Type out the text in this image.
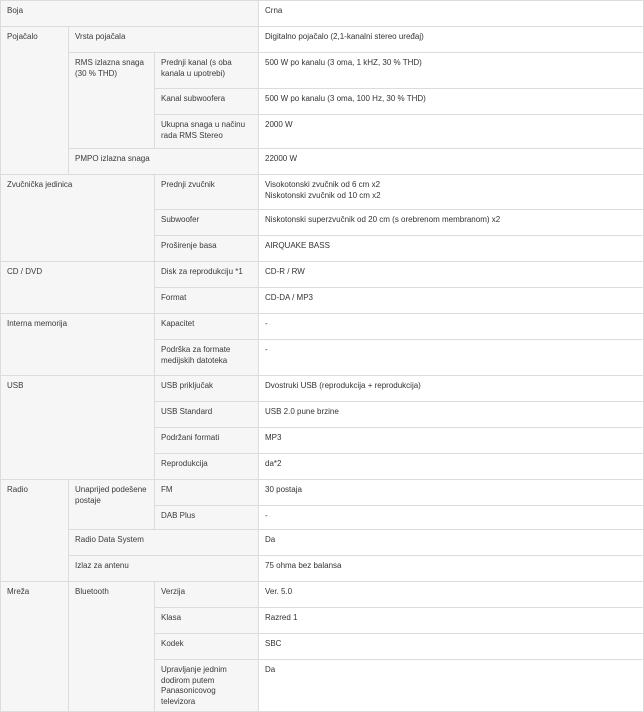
Boja			Crna
Pojačalo	Vrsta pojačala		Digitalno pojačalo (2,1-kanalni stereo uređaj)
	RMS izlazna snaga (30 % THD)	Prednji kanal (s oba kanala u upotrebi)	500 W po kanalu (3 oma, 1 kHZ, 30 % THD)
		Kanal subwoofera	500 W po kanalu (3 oma, 100 Hz, 30 % THD)
		Ukupna snaga u načinu rada RMS Stereo	2000 W
	PMPO izlazna snaga		22000 W
Zvučnička jedinica		Prednji zvučnik	Visokotonski zvučnik od 6 cm x2
Niskotonski zvučnik od 10 cm x2

		Subwoofer	Niskotonski superzvučnik od 20 cm (s orebrenom membranom) x2
		Proširenje basa	AIRQUAKE BASS
CD / DVD		Disk za reprodukciju *1	CD-R / RW
		Format	CD-DA / MP3
Interna memorija		Kapacitet	-
		Podrška za formate medijskih datoteka	-
USB		USB priključak	Dvostruki USB (reprodukcija + reprodukcija)
		USB Standard	USB 2.0 pune brzine
		Podržani formati	MP3
		Reprodukcija	da*2
Radio	Unaprijed podešene postaje	FM	30 postaja
		DAB Plus	-
	Radio Data System		Da
	Izlaz za antenu		75 ohma bez balansa
Mreža	Bluetooth	Verzija	Ver. 5.0
		Klasa	Razred 1
		Kodek	SBC
		Upravljanje jednim dodirom putem Panasonicovog televizora	Da
